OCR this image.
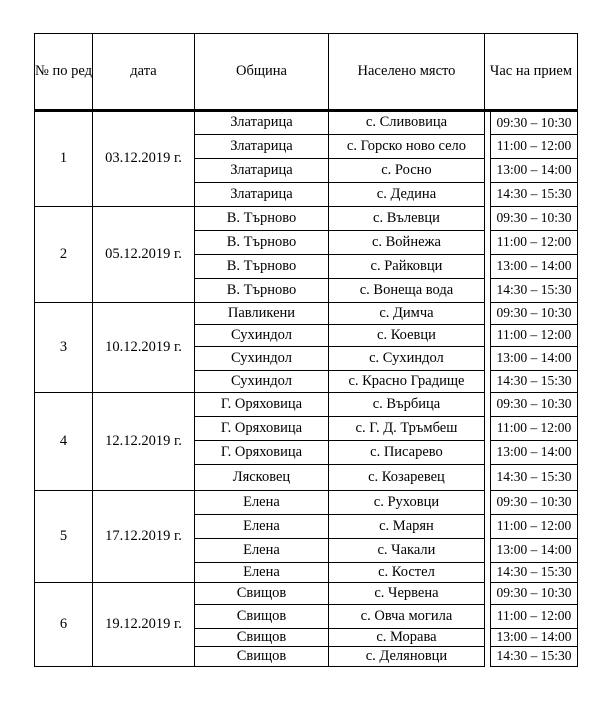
№ по ред	дата	Община	Населено място	Час на прием	
1	03.12.2019 г.	Златарица	с. Сливовица		09:30 – 10:30
		Златарица	с. Горско ново село		11:00 – 12:00
		Златарица	с. Росно		13:00 – 14:00
		Златарица	с. Дедина		14:30 – 15:30
2	05.12.2019 г.	В. Търново	с. Вълевци		09:30 – 10:30
		В. Търново	с. Войнежа		11:00 – 12:00
		В. Търново	с. Райковци		13:00 – 14:00
		В. Търново	с. Вонеща вода		14:30 – 15:30
3	10.12.2019 г.	Павликени	с. Димча		09:30 – 10:30
		Сухиндол	с. Коевци		11:00 – 12:00
		Сухиндол	с. Сухиндол		13:00 – 14:00
		Сухиндол	с. Красно Градище		14:30 – 15:30
4	12.12.2019 г.	Г. Оряховица	с. Върбица		09:30 – 10:30
		Г. Оряховица	с. Г. Д. Тръмбеш		11:00 – 12:00
		Г. Оряховица	с. Писарево		13:00 – 14:00
		Лясковец	с. Козаревец		14:30 – 15:30
5	17.12.2019 г.	Елена	с. Руховци		09:30 – 10:30
		Елена	с. Марян		11:00 – 12:00
		Елена	с. Чакали		13:00 – 14:00
		Елена	с. Костел		14:30 – 15:30
6	19.12.2019 г.	Свищов	с. Червена		09:30 – 10:30
		Свищов	с. Овча могила		11:00 – 12:00
		Свищов	с. Морава		13:00 – 14:00
		Свищов	с. Деляновци		14:30 – 15:30
